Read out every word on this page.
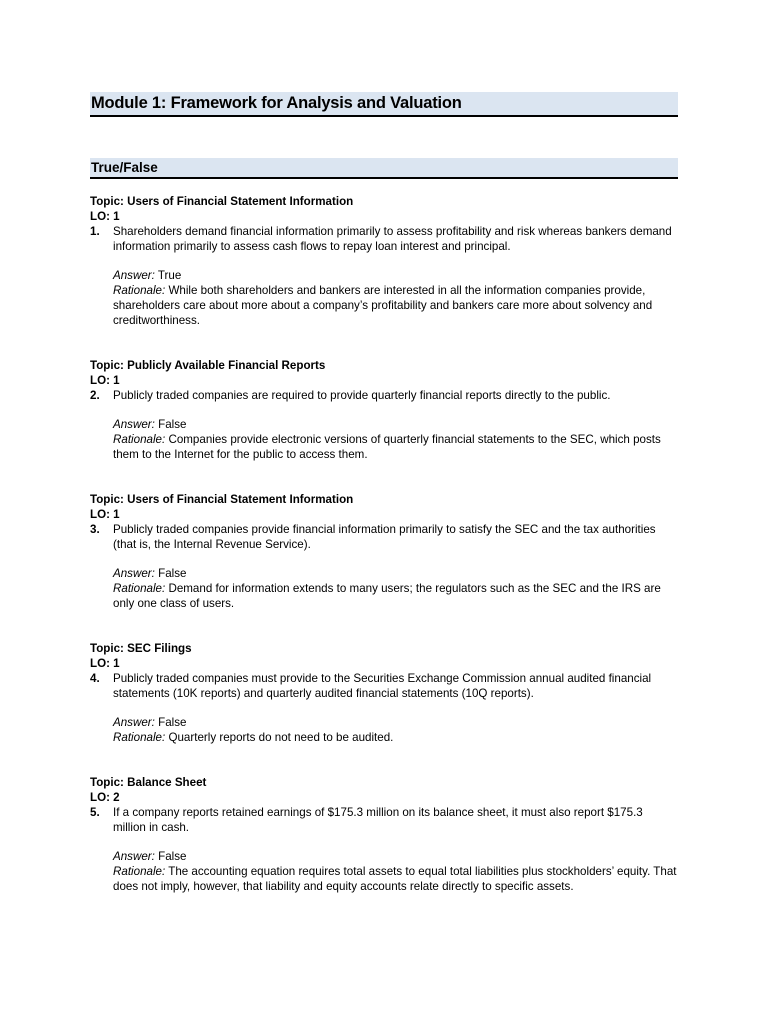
Module 1: Framework for Analysis and Valuation
True/False
Topic: Users of Financial Statement Information
LO: 1
1.	Shareholders demand financial information primarily to assess profitability and risk whereas bankers demand information primarily to assess cash flows to repay loan interest and principal.
Answer: True
Rationale: While both shareholders and bankers are interested in all the information companies provide, shareholders care about more about a company’s profitability and bankers care more about solvency and creditworthiness.
Topic: Publicly Available Financial Reports
LO: 1
2.	Publicly traded companies are required to provide quarterly financial reports directly to the public.
Answer: False
Rationale: Companies provide electronic versions of quarterly financial statements to the SEC, which posts them to the Internet for the public to access them.
Topic: Users of Financial Statement Information
LO: 1
3.	Publicly traded companies provide financial information primarily to satisfy the SEC and the tax authorities (that is, the Internal Revenue Service).
Answer: False
Rationale: Demand for information extends to many users; the regulators such as the SEC and the IRS are only one class of users.
Topic: SEC Filings
LO: 1
4.	Publicly traded companies must provide to the Securities Exchange Commission annual audited financial statements (10K reports) and quarterly audited financial statements (10Q reports).
Answer: False
Rationale: Quarterly reports do not need to be audited.
Topic: Balance Sheet
LO: 2
5.	If a company reports retained earnings of $175.3 million on its balance sheet, it must also report $175.3 million in cash.
Answer: False
Rationale: The accounting equation requires total assets to equal total liabilities plus stockholders’ equity. That does not imply, however, that liability and equity accounts relate directly to specific assets.
